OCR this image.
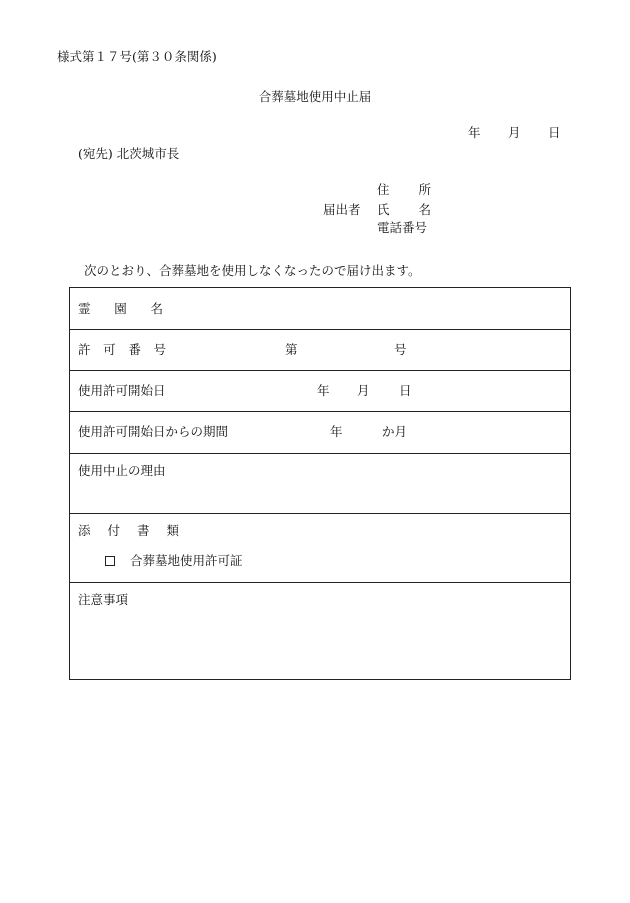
様式第１７号(第３０条関係)
合葬墓地使用中止届
年 月 日
(宛先) 北茨城市長
届出者
住 所
氏 名
電話番号
次のとおり、合葬墓地を使用しなくなったので届け出ます。
霊 園 名
許 可 番 号	第	号
使用許可開始日	年 月 日
使用許可開始日からの期間	年	か月
使用中止の理由
添 付 書 類
合葬墓地使用許可証
注意事項
